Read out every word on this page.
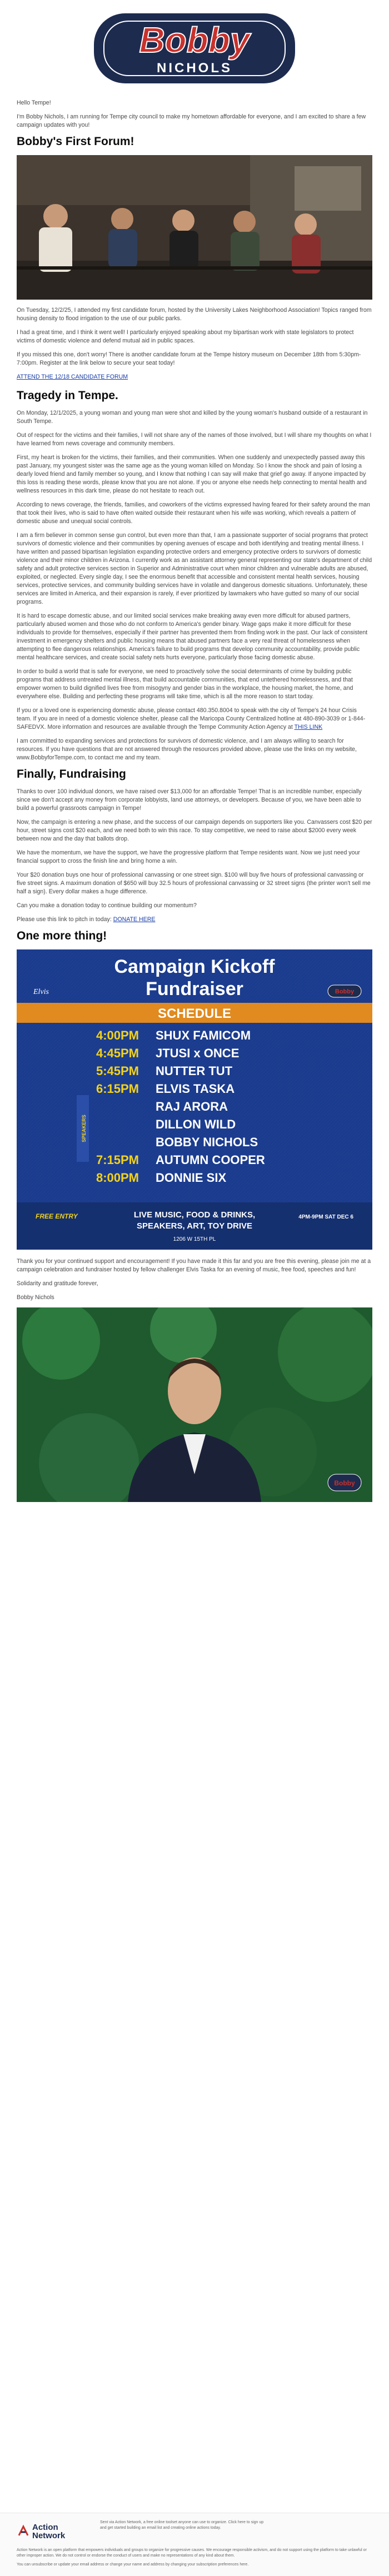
Bobby
NICHOLS

Hello Tempe!

I'm Bobby Nichols, I am running for Tempe city council to make my hometown affordable for everyone, and I am excited to share a few campaign updates with you!

Bobby's First Forum!

On Tuesday, 12/2/25, I attended my first candidate forum, hosted by the University Lakes Neighborhood Association! Topics ranged from housing density to flood irrigation to the use of our public parks.

I had a great time, and I think it went well! I particularly enjoyed speaking about my bipartisan work with state legislators to protect victims of domestic violence and defend mutual aid in public spaces.

If you missed this one, don't worry! There is another candidate forum at the Tempe history museum on December 18th from 5:30pm-7:00pm. Register at the link below to secure your seat today!

ATTEND THE 12/18 CANDIDATE FORUM

Tragedy in Tempe.

On Monday, 12/1/2025, a young woman and young man were shot and killed by the young woman's husband outside of a restaurant in South Tempe.

Out of respect for the victims and their families, I will not share any of the names of those involved, but I will share my thoughts on what I have learned from news coverage and community members.

First, my heart is broken for the victims, their families, and their communities. When one suddenly and unexpectedly passed away this past January, my youngest sister was the same age as the young woman killed on Monday. So I know the shock and pain of losing a dearly loved friend and family member so young, and I know that nothing I can say will make that grief go away. If anyone impacted by this loss is reading these words, please know that you are not alone. If you or anyone else needs help connecting to mental health and wellness resources in this dark time, please do not hesitate to reach out.

According to news coverage, the friends, families, and coworkers of the victims expressed having feared for their safety around the man that took their lives, who is said to have often waited outside their restaurant when his wife was working, which reveals a pattern of domestic abuse and unequal social controls.

I am a firm believer in common sense gun control, but even more than that, I am a passionate supporter of social programs that protect survivors of domestic violence and their communities by opening avenues of escape and both identifying and treating mental illness. I have written and passed bipartisan legislation expanding protective orders and emergency protective orders to survivors of domestic violence and their minor children in Arizona. I currently work as an assistant attorney general representing our state's department of child safety and adult protective services section in Superior and Administrative court when minor children and vulnerable adults are abused, exploited, or neglected. Every single day, I see the enormous benefit that accessible and consistent mental health services, housing services, protective services, and community building services have in volatile and dangerous domestic situations. Unfortunately, these services are limited in America, and their expansion is rarely, if ever prioritized by lawmakers who have gutted so many of our social programs.

It is hard to escape domestic abuse, and our limited social services make breaking away even more difficult for abused partners, particularly abused women and those who do not conform to America's gender binary. Wage gaps make it more difficult for these individuals to provide for themselves, especially if their partner has prevented them from finding work in the past. Our lack of consistent investment in emergency shelters and public housing means that abused partners face a very real threat of homelessness when attempting to flee dangerous relationships. America's failure to build programs that develop community accountability, provide public mental healthcare services, and create social safety nets hurts everyone, particularly those facing domestic abuse.

In order to build a world that is safe for everyone, we need to proactively solve the social determinants of crime by building public programs that address untreated mental illness, that build accountable communities, that end untethered homelessness, and that empower women to build dignified lives free from misogyny and gender bias in the workplace, the housing market, the home, and everywhere else. Building and perfecting these programs will take time, which is all the more reason to start today.

If you or a loved one is experiencing domestic abuse, please contact 480.350.8004 to speak with the city of Tempe's 24 hour Crisis team. If you are in need of a domestic violence shelter, please call the Maricopa County Centralized hotline at 480-890-3039 or 1-844-SAFEDVX. More information and resources are available through the Tempe Community Action Agency at THIS LINK

I am committed to expanding services and protections for survivors of domestic violence, and I am always willing to search for resources. If you have questions that are not answered through the resources provided above, please use the links on my website, www.BobbyforTempe.com, to contact me and my team.

Finally, Fundraising

Thanks to over 100 individual donors, we have raised over $13,000 for an affordable Tempe! That is an incredible number, especially since we don't accept any money from corporate lobbyists, land use attorneys, or developers. Because of you, we have been able to build a powerful grassroots campaign in Tempe!

Now, the campaign is entering a new phase, and the success of our campaign depends on supporters like you. Canvassers cost $20 per hour, street signs cost $20 each, and we need both to win this race. To stay competitive, we need to raise about $2000 every week between now and the day that ballots drop.

We have the momentum, we have the support, we have the progressive platform that Tempe residents want. Now we just need your financial support to cross the finish line and bring home a win.

Your $20 donation buys one hour of professional canvassing or one street sign. $100 will buy five hours of professional canvassing or five street signs. A maximum donation of $650 will buy 32.5 hours of professional canvassing or 32 street signs (the printer won't sell me half a sign). Every dollar makes a huge difference.

Can you make a donation today to continue building our momentum?

Please use this link to pitch in today: DONATE HERE

One more thing!
Campaign Kickoff
Fundraiser
Elvis	Bobby
SCHEDULE
4:00PM SHUX FAMICOM
4:45PM JTUSI x ONCE
5:45PM NUTTER TUT
6:15PM ELVIS TASKA
RAJ ARORA
DILLON WILD
BOBBY NICHOLS
7:15PM AUTUMN COOPER
8:00PM DONNIE SIX
SPEAKERS
FREE ENTRY	LIVE MUSIC, FOOD & DRINKS,
SPEAKERS, ART, TOY DRIVE
1206 W 15TH PL
4PM-9PM SAT DEC 6

Thank you for your continued support and encouragement! If you have made it this far and you are free this evening, please join me at a campaign celebration and fundraiser hosted by fellow challenger Elvis Taska for an evening of music, free food, speeches and fun!

Solidarity and gratitude forever,

Bobby Nichols

Bobby
Action
Network

Sent via Action Network, a free online toolset anyone can use to organize. Click here to sign up and get started building an email list and creating online actions today.

Action Network is an open platform that empowers individuals and groups to organize for progressive causes. We encourage responsible activism, and do not support using the platform to take unlawful or other improper action. We do not control or endorse the conduct of users and make no representations of any kind about them.

You can unsubscribe or update your email address or change your name and address by changing your subscription preferences here.
